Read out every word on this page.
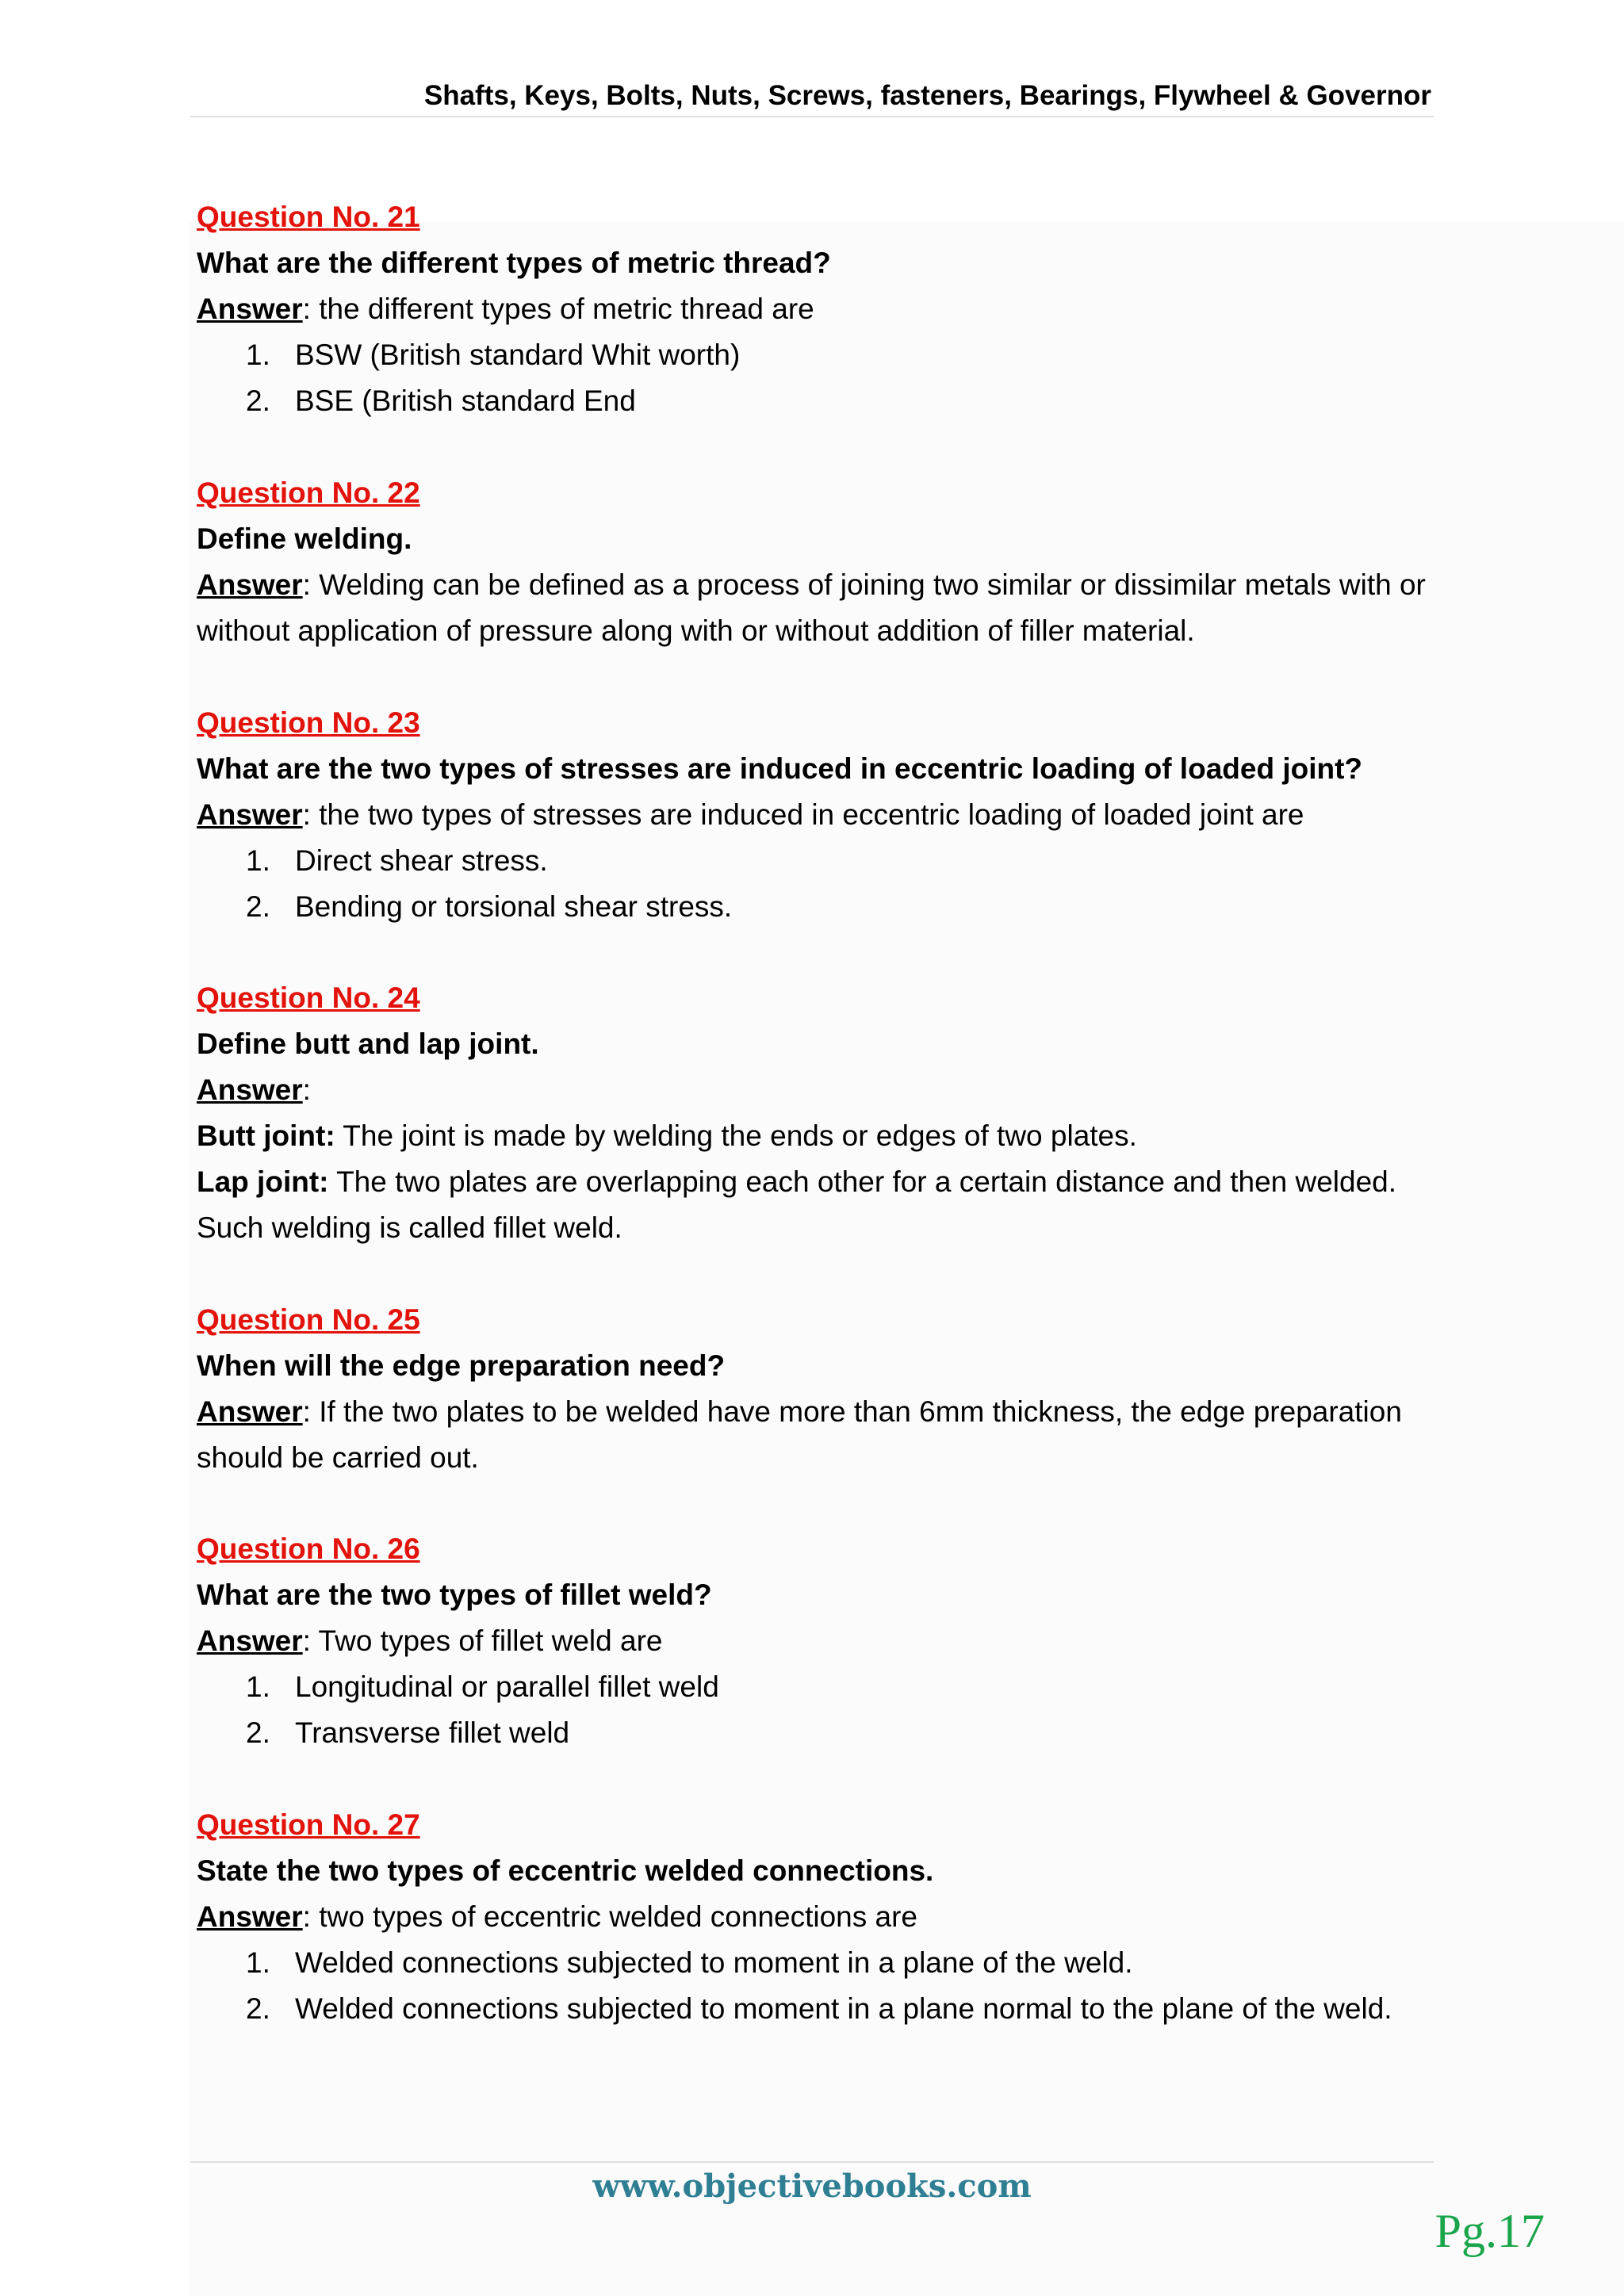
Shafts, Keys, Bolts, Nuts, Screws, fasteners, Bearings, Flywheel & Governor

Question No. 21

What are the different types of metric thread?

Answer: the different types of metric thread are

1. BSW (British standard Whit worth)
2. BSE (British standard End

Question No. 22

Define welding.

Answer: Welding can be defined as a process of joining two similar or dissimilar metals with or without application of pressure along with or without addition of filler material.

Question No. 23

What are the two types of stresses are induced in eccentric loading of loaded joint?

Answer: the two types of stresses are induced in eccentric loading of loaded joint are

1. Direct shear stress.
2. Bending or torsional shear stress.

Question No. 24

Define butt and lap joint.

Answer:

Butt joint: The joint is made by welding the ends or edges of two plates.

Lap joint: The two plates are overlapping each other for a certain distance and then welded. Such welding is called fillet weld.

Question No. 25

When will the edge preparation need?

Answer: If the two plates to be welded have more than 6mm thickness, the edge preparation should be carried out.

Question No. 26

What are the two types of fillet weld?

Answer: Two types of fillet weld are

1. Longitudinal or parallel fillet weld
2. Transverse fillet weld

Question No. 27

State the two types of eccentric welded connections.

Answer: two types of eccentric welded connections are

1. Welded connections subjected to moment in a plane of the weld.
2. Welded connections subjected to moment in a plane normal to the plane of the weld.
www.objectivebooks.com
Pg.17
